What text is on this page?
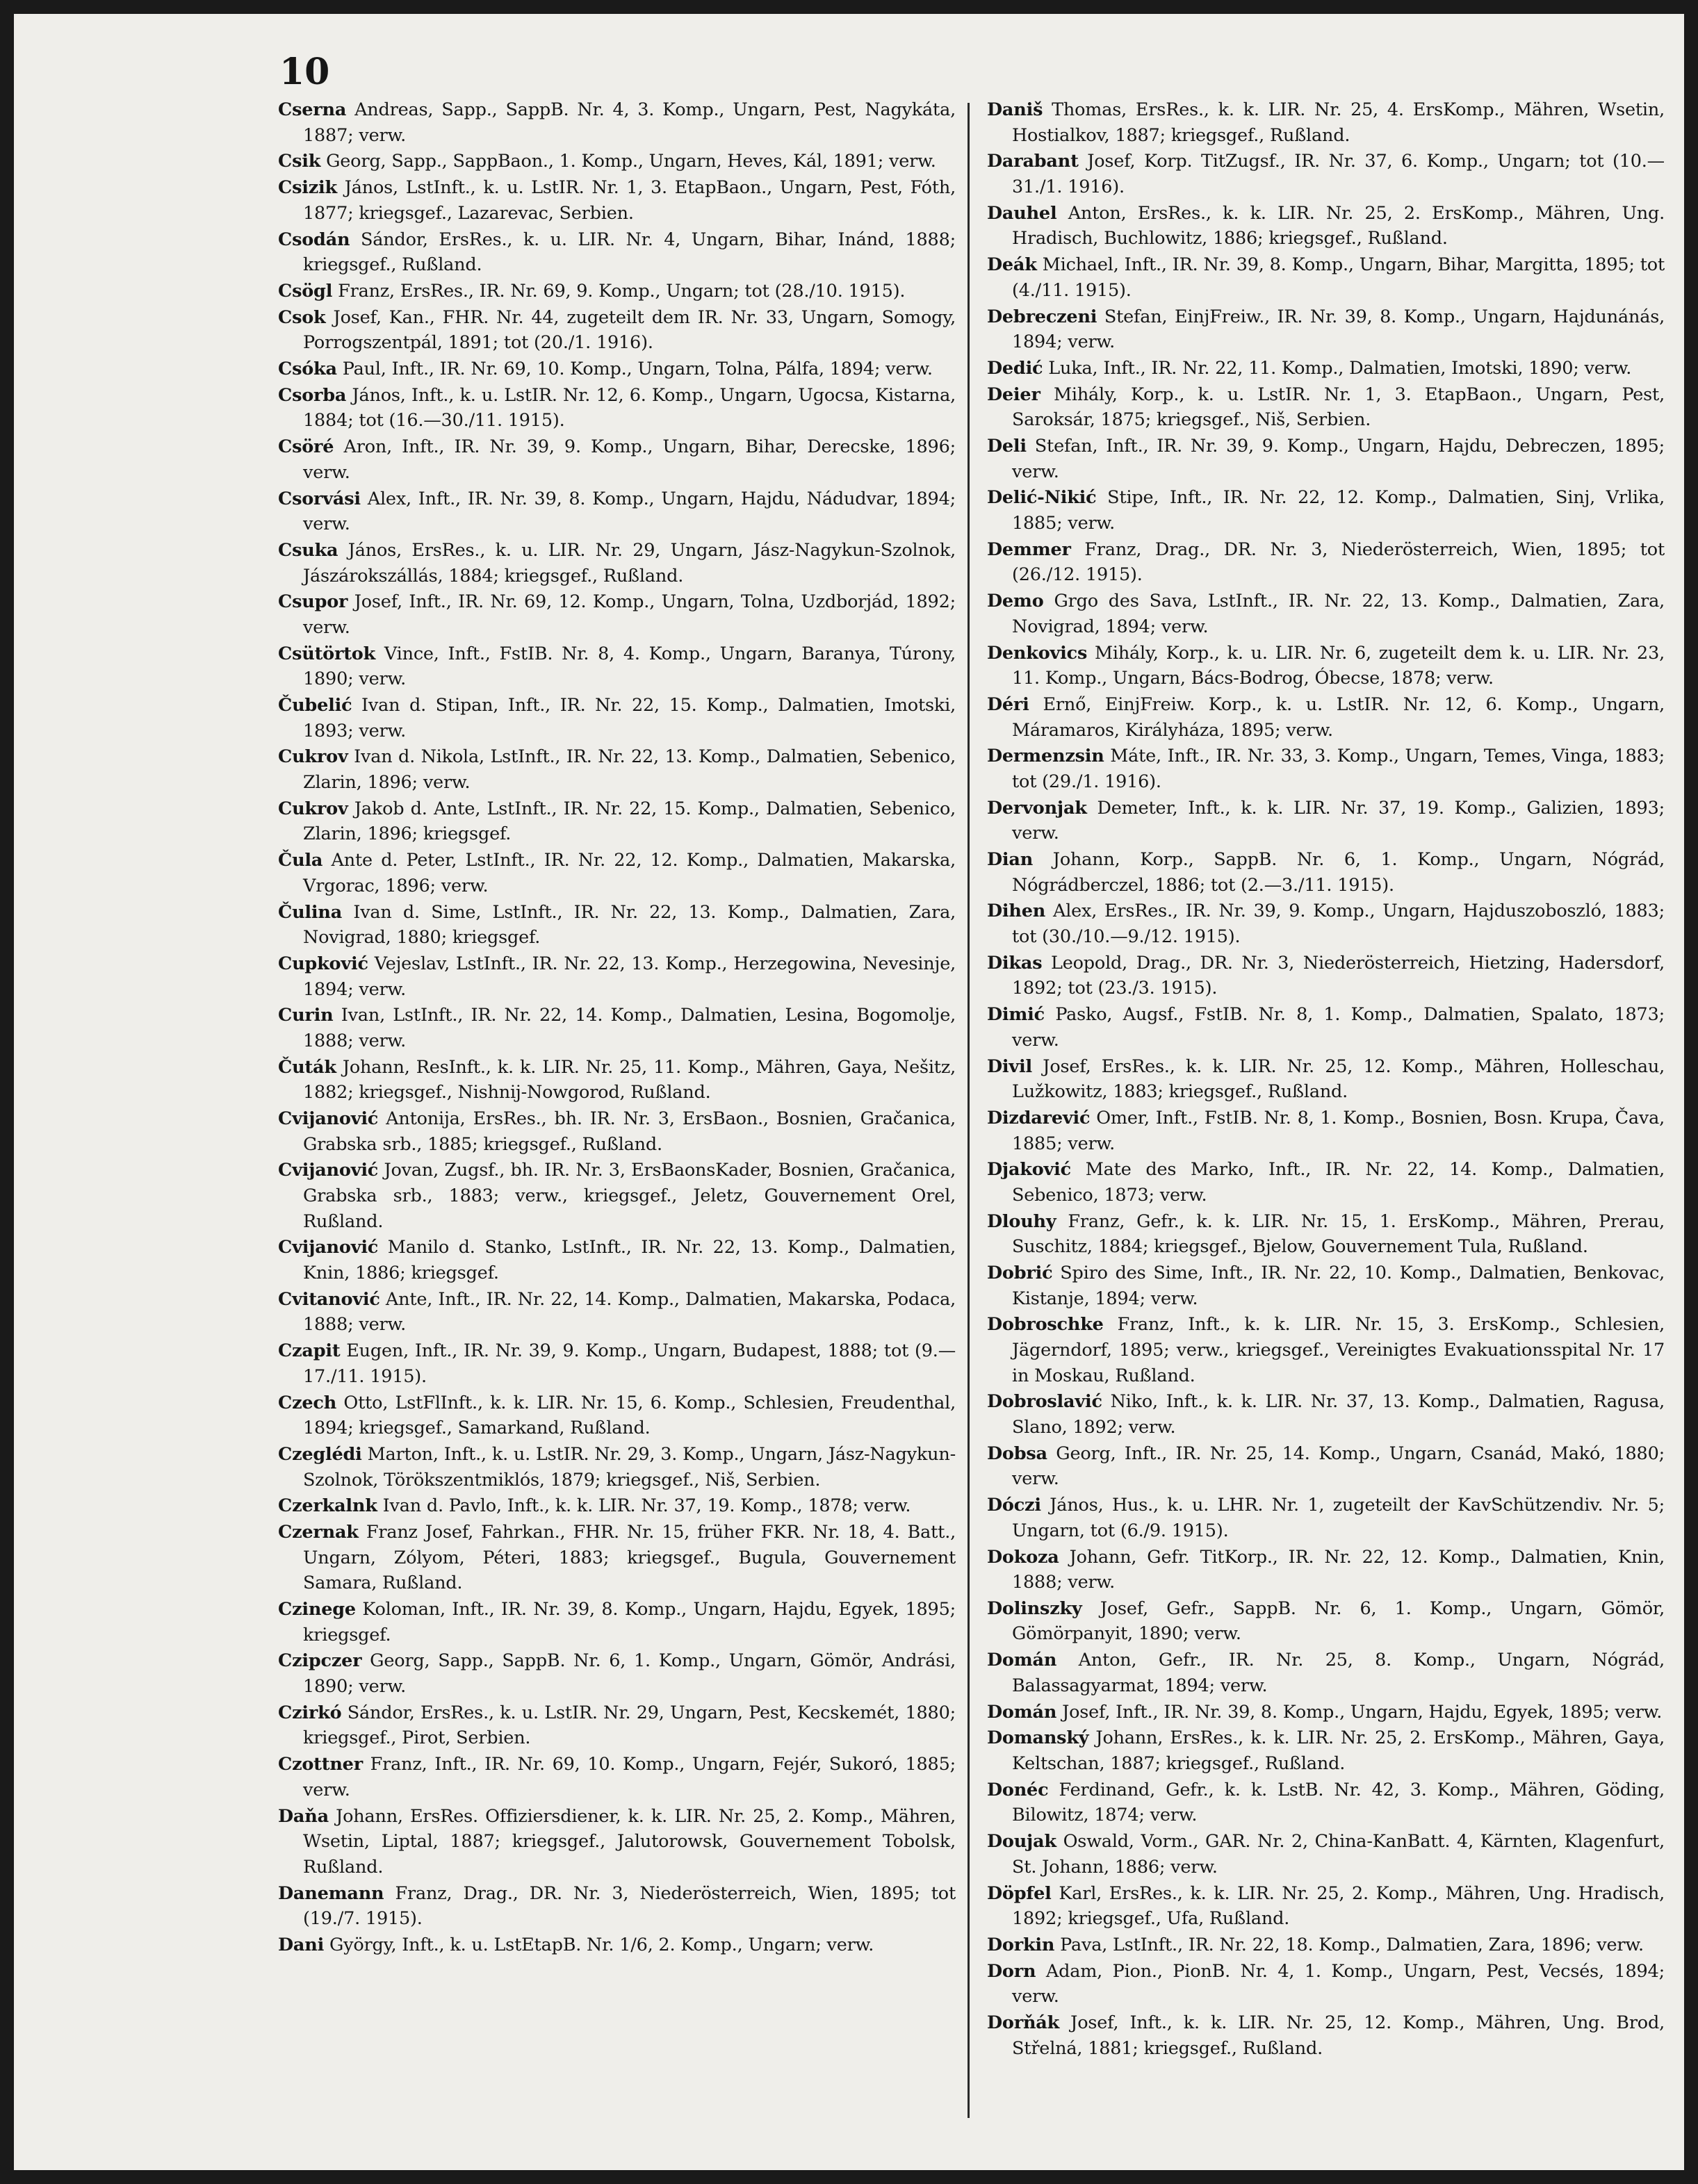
10
Cserna Andreas, Sapp., SappB. Nr. 4, 3. Komp., Ungarn, Pest, Nagykáta, 1887; verw.
Csik Georg, Sapp., SappBaon., 1. Komp., Ungarn, Heves, Kál, 1891; verw.
Csizik János, LstInft., k. u. LstIR. Nr. 1, 3. EtapBaon., Ungarn, Pest, Fóth, 1877; kriegsgef., Lazarevac, Serbien.
Csodán Sándor, ErsRes., k. u. LIR. Nr. 4, Ungarn, Bihar, Inánd, 1888; kriegsgef., Rußland.
Csögl Franz, ErsRes., IR. Nr. 69, 9. Komp., Ungarn; tot (28./10. 1915).
Csok Josef, Kan., FHR. Nr. 44, zugeteilt dem IR. Nr. 33, Ungarn, Somogy, Porrogszentpál, 1891; tot (20./1. 1916).
Csóka Paul, Inft., IR. Nr. 69, 10. Komp., Ungarn, Tolna, Pálfa, 1894; verw.
Csorba János, Inft., k. u. LstIR. Nr. 12, 6. Komp., Ungarn, Ugocsa, Kistarna, 1884; tot (16.—30./11. 1915).
Csöré Aron, Inft., IR. Nr. 39, 9. Komp., Ungarn, Bihar, Derecske, 1896; verw.
Csorvási Alex, Inft., IR. Nr. 39, 8. Komp., Ungarn, Hajdu, Nádudvar, 1894; verw.
Csuka János, ErsRes., k. u. LIR. Nr. 29, Ungarn, Jász-Nagykun-Szolnok, Jászárokszállás, 1884; kriegsgef., Rußland.
Csupor Josef, Inft., IR. Nr. 69, 12. Komp., Ungarn, Tolna, Uzdborjád, 1892; verw.
Csütörtok Vince, Inft., FstIB. Nr. 8, 4. Komp., Ungarn, Baranya, Túrony, 1890; verw.
Čubelić Ivan d. Stipan, Inft., IR. Nr. 22, 15. Komp., Dalmatien, Imotski, 1893; verw.
Cukrov Ivan d. Nikola, LstInft., IR. Nr. 22, 13. Komp., Dalmatien, Sebenico, Zlarin, 1896; verw.
Cukrov Jakob d. Ante, LstInft., IR. Nr. 22, 15. Komp., Dalmatien, Sebenico, Zlarin, 1896; kriegsgef.
Čula Ante d. Peter, LstInft., IR. Nr. 22, 12. Komp., Dalmatien, Makarska, Vrgorac, 1896; verw.
Čulina Ivan d. Sime, LstInft., IR. Nr. 22, 13. Komp., Dalmatien, Zara, Novigrad, 1880; kriegsgef.
Cupković Vejeslav, LstInft., IR. Nr. 22, 13. Komp., Herzegowina, Nevesinje, 1894; verw.
Curin Ivan, LstInft., IR. Nr. 22, 14. Komp., Dalmatien, Lesina, Bogomolje, 1888; verw.
Čuták Johann, ResInft., k. k. LIR. Nr. 25, 11. Komp., Mähren, Gaya, Nešitz, 1882; kriegsgef., Nishnij-Nowgorod, Rußland.
Cvijanović Antonija, ErsRes., bh. IR. Nr. 3, ErsBaon., Bosnien, Gračanica, Grabska srb., 1885; kriegsgef., Rußland.
Cvijanović Jovan, Zugsf., bh. IR. Nr. 3, ErsBaonsKader, Bosnien, Gračanica, Grabska srb., 1883; verw., kriegsgef., Jeletz, Gouvernement Orel, Rußland.
Cvijanović Manilo d. Stanko, LstInft., IR. Nr. 22, 13. Komp., Dalmatien, Knin, 1886; kriegsgef.
Cvitanović Ante, Inft., IR. Nr. 22, 14. Komp., Dalmatien, Makarska, Podaca, 1888; verw.
Czapit Eugen, Inft., IR. Nr. 39, 9. Komp., Ungarn, Budapest, 1888; tot (9.—17./11. 1915).
Czech Otto, LstFlInft., k. k. LIR. Nr. 15, 6. Komp., Schlesien, Freudenthal, 1894; kriegsgef., Samarkand, Rußland.
Czeglédi Marton, Inft., k. u. LstIR. Nr. 29, 3. Komp., Ungarn, Jász-Nagykun-Szolnok, Törökszentmiklós, 1879; kriegsgef., Niš, Serbien.
Czerkalnk Ivan d. Pavlo, Inft., k. k. LIR. Nr. 37, 19. Komp., 1878; verw.
Czernak Franz Josef, Fahrkan., FHR. Nr. 15, früher FKR. Nr. 18, 4. Batt., Ungarn, Zólyom, Péteri, 1883; kriegsgef., Bugula, Gouvernement Samara, Rußland.
Czinege Koloman, Inft., IR. Nr. 39, 8. Komp., Ungarn, Hajdu, Egyek, 1895; kriegsgef.
Czipczer Georg, Sapp., SappB. Nr. 6, 1. Komp., Ungarn, Gömör, Andrási, 1890; verw.
Czirkó Sándor, ErsRes., k. u. LstIR. Nr. 29, Ungarn, Pest, Kecskemét, 1880; kriegsgef., Pirot, Serbien.
Czottner Franz, Inft., IR. Nr. 69, 10. Komp., Ungarn, Fejér, Sukoró, 1885; verw.
Daňa Johann, ErsRes. Offiziersdiener, k. k. LIR. Nr. 25, 2. Komp., Mähren, Wsetin, Liptal, 1887; kriegsgef., Jalutorowsk, Gouvernement Tobolsk, Rußland.
Danemann Franz, Drag., DR. Nr. 3, Niederösterreich, Wien, 1895; tot (19./7. 1915).
Dani György, Inft., k. u. LstEtapB. Nr. 1/6, 2. Komp., Ungarn; verw.
Daniš Thomas, ErsRes., k. k. LIR. Nr. 25, 4. ErsKomp., Mähren, Wsetin, Hostialkov, 1887; kriegsgef., Rußland.
Darabant Josef, Korp. TitZugsf., IR. Nr. 37, 6. Komp., Ungarn; tot (10.—31./1. 1916).
Dauhel Anton, ErsRes., k. k. LIR. Nr. 25, 2. ErsKomp., Mähren, Ung. Hradisch, Buchlowitz, 1886; kriegsgef., Rußland.
Deák Michael, Inft., IR. Nr. 39, 8. Komp., Ungarn, Bihar, Margitta, 1895; tot (4./11. 1915).
Debreczeni Stefan, EinjFreiw., IR. Nr. 39, 8. Komp., Ungarn, Hajdunánás, 1894; verw.
Dedić Luka, Inft., IR. Nr. 22, 11. Komp., Dalmatien, Imotski, 1890; verw.
Deier Mihály, Korp., k. u. LstIR. Nr. 1, 3. EtapBaon., Ungarn, Pest, Saroksár, 1875; kriegsgef., Niš, Serbien.
Deli Stefan, Inft., IR. Nr. 39, 9. Komp., Ungarn, Hajdu, Debreczen, 1895; verw.
Delić-Nikić Stipe, Inft., IR. Nr. 22, 12. Komp., Dalmatien, Sinj, Vrlika, 1885; verw.
Demmer Franz, Drag., DR. Nr. 3, Niederösterreich, Wien, 1895; tot (26./12. 1915).
Demo Grgo des Sava, LstInft., IR. Nr. 22, 13. Komp., Dalmatien, Zara, Novigrad, 1894; verw.
Denkovics Mihály, Korp., k. u. LIR. Nr. 6, zugeteilt dem k. u. LIR. Nr. 23, 11. Komp., Ungarn, Bács-Bodrog, Óbecse, 1878; verw.
Déri Ernő, EinjFreiw. Korp., k. u. LstIR. Nr. 12, 6. Komp., Ungarn, Máramaros, Királyháza, 1895; verw.
Dermenzsin Máte, Inft., IR. Nr. 33, 3. Komp., Ungarn, Temes, Vinga, 1883; tot (29./1. 1916).
Dervonjak Demeter, Inft., k. k. LIR. Nr. 37, 19. Komp., Galizien, 1893; verw.
Dian Johann, Korp., SappB. Nr. 6, 1. Komp., Ungarn, Nógrád, Nógrádberczel, 1886; tot (2.—3./11. 1915).
Dihen Alex, ErsRes., IR. Nr. 39, 9. Komp., Ungarn, Hajduszoboszló, 1883; tot (30./10.—9./12. 1915).
Dikas Leopold, Drag., DR. Nr. 3, Niederösterreich, Hietzing, Hadersdorf, 1892; tot (23./3. 1915).
Dimić Pasko, Augsf., FstIB. Nr. 8, 1. Komp., Dalmatien, Spalato, 1873; verw.
Divil Josef, ErsRes., k. k. LIR. Nr. 25, 12. Komp., Mähren, Holleschau, Lužkowitz, 1883; kriegsgef., Rußland.
Dizdarević Omer, Inft., FstIB. Nr. 8, 1. Komp., Bosnien, Bosn. Krupa, Čava, 1885; verw.
Djaković Mate des Marko, Inft., IR. Nr. 22, 14. Komp., Dalmatien, Sebenico, 1873; verw.
Dlouhy Franz, Gefr., k. k. LIR. Nr. 15, 1. ErsKomp., Mähren, Prerau, Suschitz, 1884; kriegsgef., Bjelow, Gouvernement Tula, Rußland.
Dobrić Spiro des Sime, Inft., IR. Nr. 22, 10. Komp., Dalmatien, Benkovac, Kistanje, 1894; verw.
Dobroschke Franz, Inft., k. k. LIR. Nr. 15, 3. ErsKomp., Schlesien, Jägerndorf, 1895; verw., kriegsgef., Vereinigtes Evakuationsspital Nr. 17 in Moskau, Rußland.
Dobroslavić Niko, Inft., k. k. LIR. Nr. 37, 13. Komp., Dalmatien, Ragusa, Slano, 1892; verw.
Dobsa Georg, Inft., IR. Nr. 25, 14. Komp., Ungarn, Csanád, Makó, 1880; verw.
Dóczi János, Hus., k. u. LHR. Nr. 1, zugeteilt der KavSchützendiv. Nr. 5; Ungarn, tot (6./9. 1915).
Dokoza Johann, Gefr. TitKorp., IR. Nr. 22, 12. Komp., Dalmatien, Knin, 1888; verw.
Dolinszky Josef, Gefr., SappB. Nr. 6, 1. Komp., Ungarn, Gömör, Gömörpanyit, 1890; verw.
Domán Anton, Gefr., IR. Nr. 25, 8. Komp., Ungarn, Nógrád, Balassagyarmat, 1894; verw.
Domán Josef, Inft., IR. Nr. 39, 8. Komp., Ungarn, Hajdu, Egyek, 1895; verw.
Domanský Johann, ErsRes., k. k. LIR. Nr. 25, 2. ErsKomp., Mähren, Gaya, Keltschan, 1887; kriegsgef., Rußland.
Donéc Ferdinand, Gefr., k. k. LstB. Nr. 42, 3. Komp., Mähren, Göding, Bilowitz, 1874; verw.
Doujak Oswald, Vorm., GAR. Nr. 2, China-KanBatt. 4, Kärnten, Klagenfurt, St. Johann, 1886; verw.
Döpfel Karl, ErsRes., k. k. LIR. Nr. 25, 2. Komp., Mähren, Ung. Hradisch, 1892; kriegsgef., Ufa, Rußland.
Dorkin Pava, LstInft., IR. Nr. 22, 18. Komp., Dalmatien, Zara, 1896; verw.
Dorn Adam, Pion., PionB. Nr. 4, 1. Komp., Ungarn, Pest, Vecsés, 1894; verw.
Dorňák Josef, Inft., k. k. LIR. Nr. 25, 12. Komp., Mähren, Ung. Brod, Střelná, 1881; kriegsgef., Rußland.
